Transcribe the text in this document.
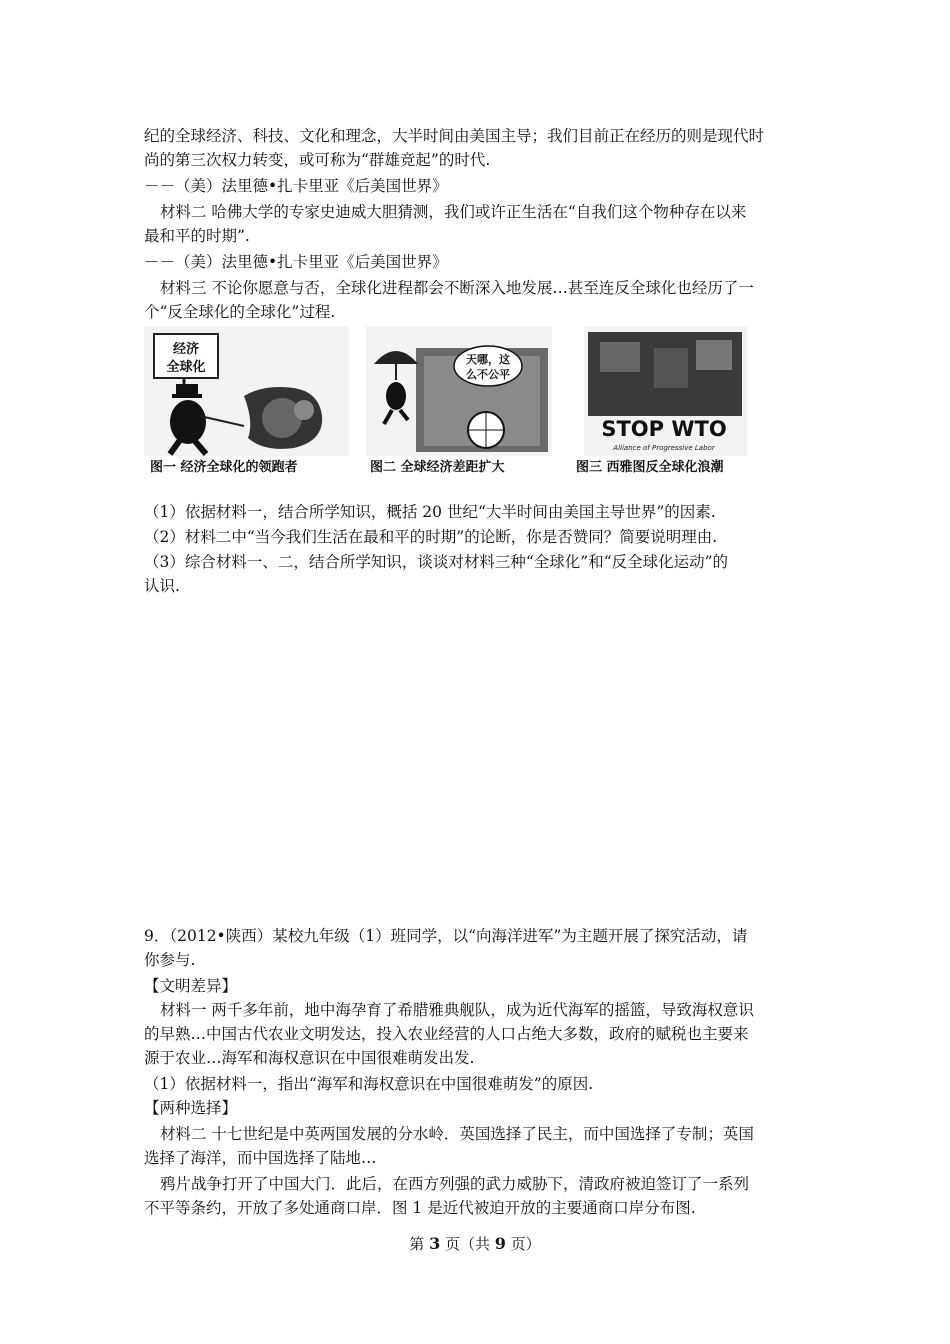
纪的全球经济、科技、文化和理念，大半时间由美国主导；我们目前正在经历的则是现代时
尚的第三次权力转变，或可称为“群雄竞起”的时代.
－－（美）法里德•扎卡里亚《后美国世界》
材料二 哈佛大学的专家史迪威大胆猜测，我们或许正生活在“自我们这个物种存在以来
最和平的时期”.
－－（美）法里德•扎卡里亚《后美国世界》
材料三 不论你愿意与否，全球化进程都会不断深入地发展…甚至连反全球化也经历了一
个“反全球化的全球化”过程.
经济
全球化
图一 经济全球化的领跑者
天哪，这
么不公平
图二 全球经济差距扩大
STOP WTO
Alliance of Progressive Labor
图三 西雅图反全球化浪潮
（1）依据材料一，结合所学知识，概括 20 世纪“大半时间由美国主导世界”的因素.
（2）材料二中“当今我们生活在最和平的时期”的论断，你是否赞同？简要说明理由.
（3）综合材料一、二，结合所学知识，谈谈对材料三种“全球化”和“反全球化运动”的
认识.
9．（2012•陕西）某校九年级（1）班同学，以“向海洋进军”为主题开展了探究活动，请
你参与.
【文明差异】
材料一 两千多年前，地中海孕育了希腊雅典舰队，成为近代海军的摇篮，导致海权意识
的早熟…中国古代农业文明发达，投入农业经营的人口占绝大多数，政府的赋税也主要来
源于农业…海军和海权意识在中国很难萌发出发.
（1）依据材料一，指出“海军和海权意识在中国很难萌发”的原因.
【两种选择】
材料二 十七世纪是中英两国发展的分水岭．英国选择了民主，而中国选择了专制；英国
选择了海洋，而中国选择了陆地…
鸦片战争打开了中国大门．此后，在西方列强的武力威胁下，清政府被迫签订了一系列
不平等条约，开放了多处通商口岸．图 1 是近代被迫开放的主要通商口岸分布图.
第 3 页（共 9 页）
